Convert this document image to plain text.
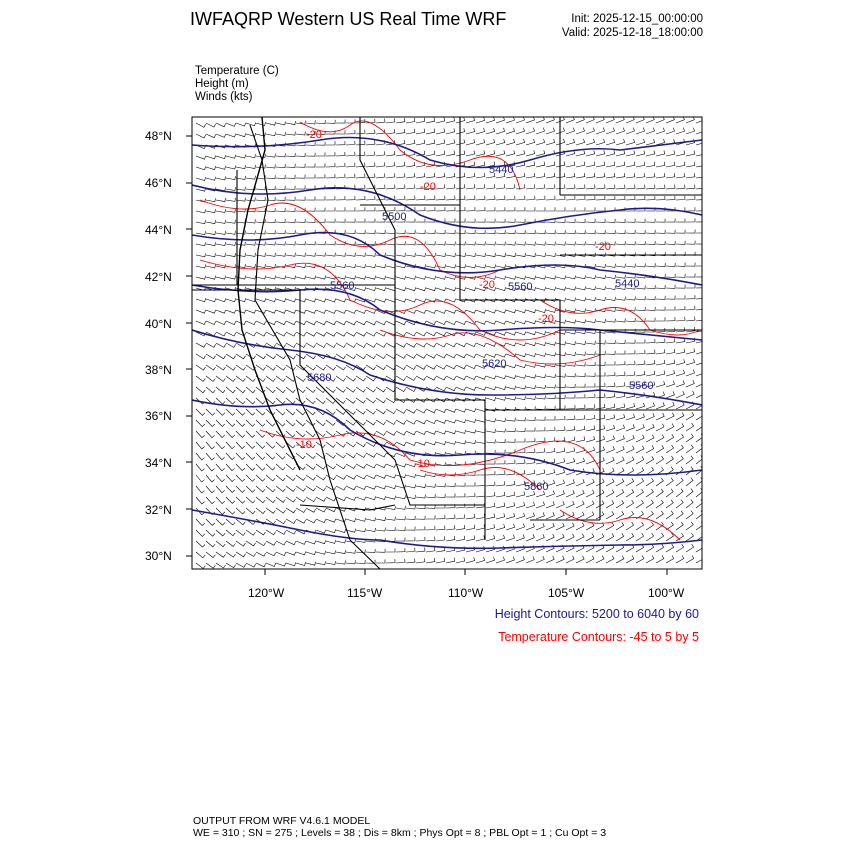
IWFAQRP Western US Real Time WRF	Init: 2025-12-15_00:00:00
Valid: 2025-12-18_18:00:00
Temperature (C)
Height (m)
Winds (kts)
48°N
46°N
44°N
42°N
40°N
38°N
36°N
34°N
32°N
30°N
120°W	115°W	110°W	105°W	100°W
5440
5500
5560	5440
5560
5680
5620
5860
5560
-20
-20
-20
-20
-10
-10
-20
Height Contours: 5200 to 6040 by 60
Temperature Contours: -45 to 5 by 5
OUTPUT FROM WRF V4.6.1 MODEL
WE = 310 ; SN = 275 ; Levels = 38 ; Dis = 8km ; Phys Opt = 8 ; PBL Opt = 1 ; Cu Opt = 3
